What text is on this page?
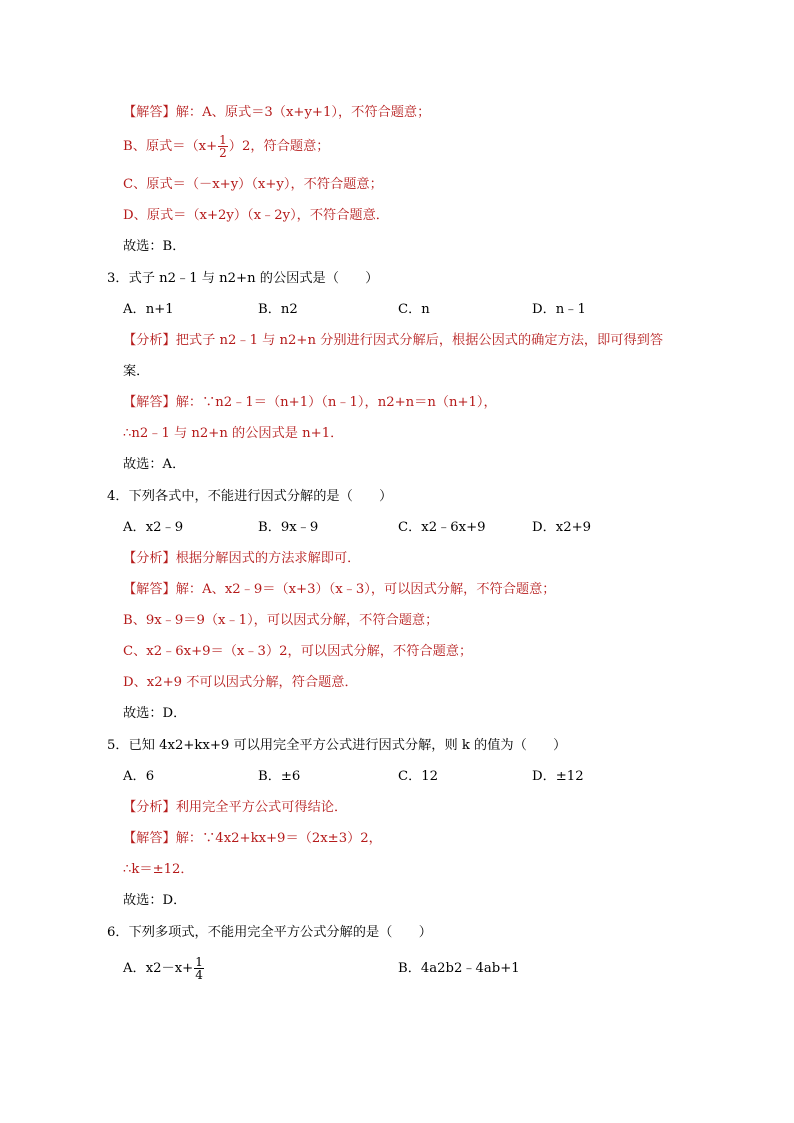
【解答】解：A、原式＝3（x+y+1），不符合题意；
B、原式$=(x+ \frac{1}{2} )2$，符合题意；
C、原式＝（－x+y）（x+y），不符合题意；
D、原式＝（x+2y）（x﹣2y），不符合题意．
故选：B．
3．式子 n2﹣1 与 n2+n 的公因式是（　　）
A．n+1	B．n2	C．n	D．n﹣1
【分析】把式子 n2﹣1 与 n2+n 分别进行因式分解后，根据公因式的确定方法，即可得到答
案．
【解答】解：∵n2﹣1＝（n+1）（n﹣1），n2+n＝n（n+1），
∴n2﹣1 与 n2+n 的公因式是 n+1．
故选：A．
4．下列各式中，不能进行因式分解的是（　　）
A．x2﹣9	B．9x﹣9	C．x2﹣6x+9	D．x2+9
【分析】根据分解因式的方法求解即可．
【解答】解：A、x2﹣9＝（x+3）（x﹣3），可以因式分解，不符合题意；
B、9x﹣9＝9（x﹣1），可以因式分解，不符合题意；
C、x2﹣6x+9＝（x﹣3）2，可以因式分解，不符合题意；
D、x2+9 不可以因式分解，符合题意．
故选：D．
5．已知 4x2+kx+9 可以用完全平方公式进行因式分解，则 k 的值为（　　）
A．6	B．±6	C．12	D．±12
【分析】利用完全平方公式可得结论．
【解答】解：∵4x2+kx+9＝（2x±3）2，
∴k＝±12．
故选：D．
6．下列多项式，不能用完全平方公式分解的是（　　）
A．$x2-x+ \frac{1}{4}$	B．4a2b2﹣4ab+1
